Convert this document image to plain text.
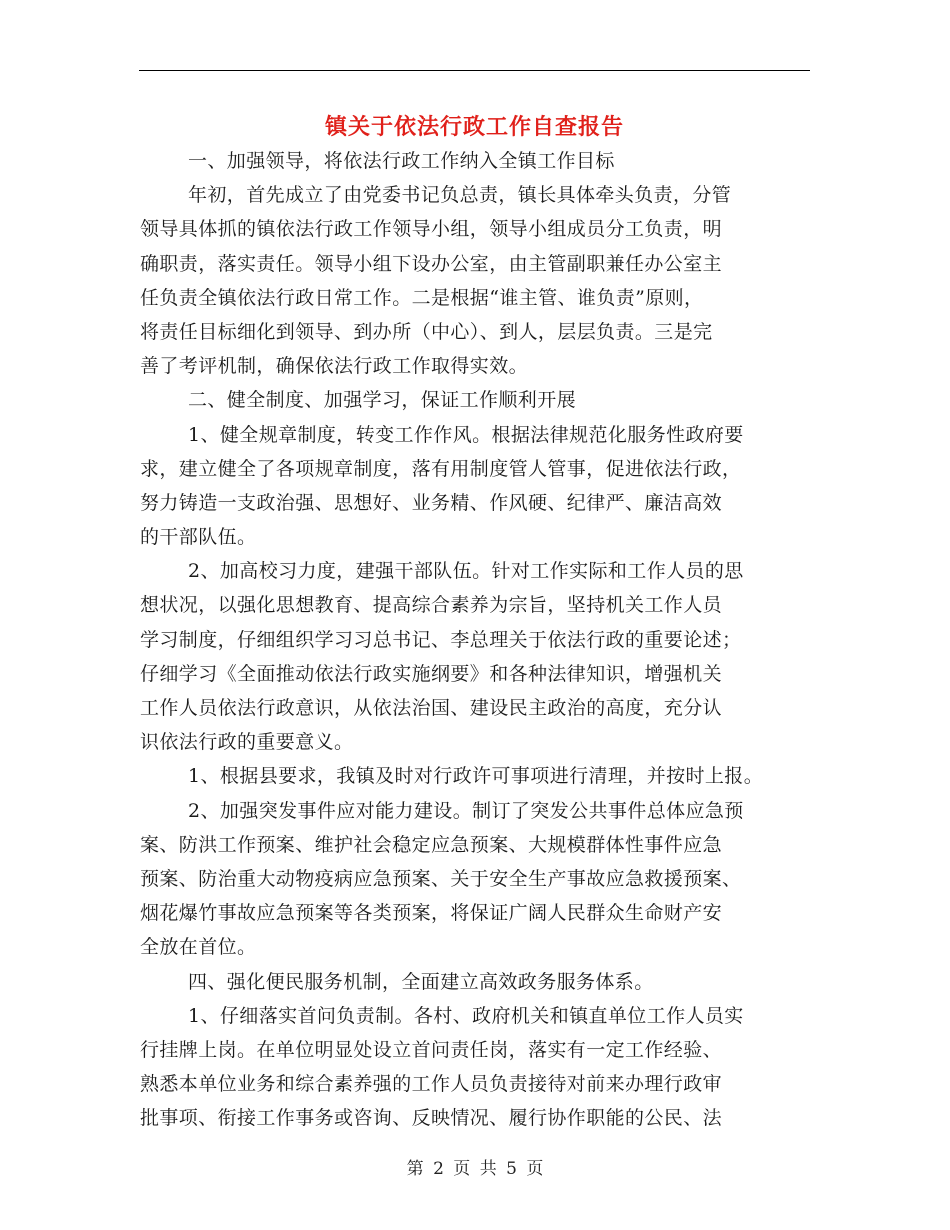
镇关于依法行政工作自查报告
一、加强领导，将依法行政工作纳入全镇工作目标
年初，首先成立了由党委书记负总责，镇长具体牵头负责，分管
领导具体抓的镇依法行政工作领导小组，领导小组成员分工负责，明
确职责，落实责任。领导小组下设办公室，由主管副职兼任办公室主
任负责全镇依法行政日常工作。二是根据“谁主管、谁负责”原则，
将责任目标细化到领导、到办所（中心）、到人，层层负责。三是完
善了考评机制，确保依法行政工作取得实效。
二、健全制度、加强学习，保证工作顺利开展
1、健全规章制度，转变工作作风。根据法律规范化服务性政府要
求，建立健全了各项规章制度，落有用制度管人管事，促进依法行政，
努力铸造一支政治强、思想好、业务精、作风硬、纪律严、廉洁高效
的干部队伍。
2、加高校习力度，建强干部队伍。针对工作实际和工作人员的思
想状况，以强化思想教育、提高综合素养为宗旨，坚持机关工作人员
学习制度，仔细组织学习习总书记、李总理关于依法行政的重要论述；
仔细学习《全面推动依法行政实施纲要》和各种法律知识，增强机关
工作人员依法行政意识，从依法治国、建设民主政治的高度，充分认
识依法行政的重要意义。
1、根据县要求，我镇及时对行政许可事项进行清理，并按时上报。
2、加强突发事件应对能力建设。制订了突发公共事件总体应急预
案、防洪工作预案、维护社会稳定应急预案、大规模群体性事件应急
预案、防治重大动物疫病应急预案、关于安全生产事故应急救援预案、
烟花爆竹事故应急预案等各类预案，将保证广阔人民群众生命财产安
全放在首位。
四、强化便民服务机制，全面建立高效政务服务体系。
1、仔细落实首问负责制。各村、政府机关和镇直单位工作人员实
行挂牌上岗。在单位明显处设立首问责任岗，落实有一定工作经验、
熟悉本单位业务和综合素养强的工作人员负责接待对前来办理行政审
批事项、衔接工作事务或咨询、反映情况、履行协作职能的公民、法
第 2 页 共 5 页
